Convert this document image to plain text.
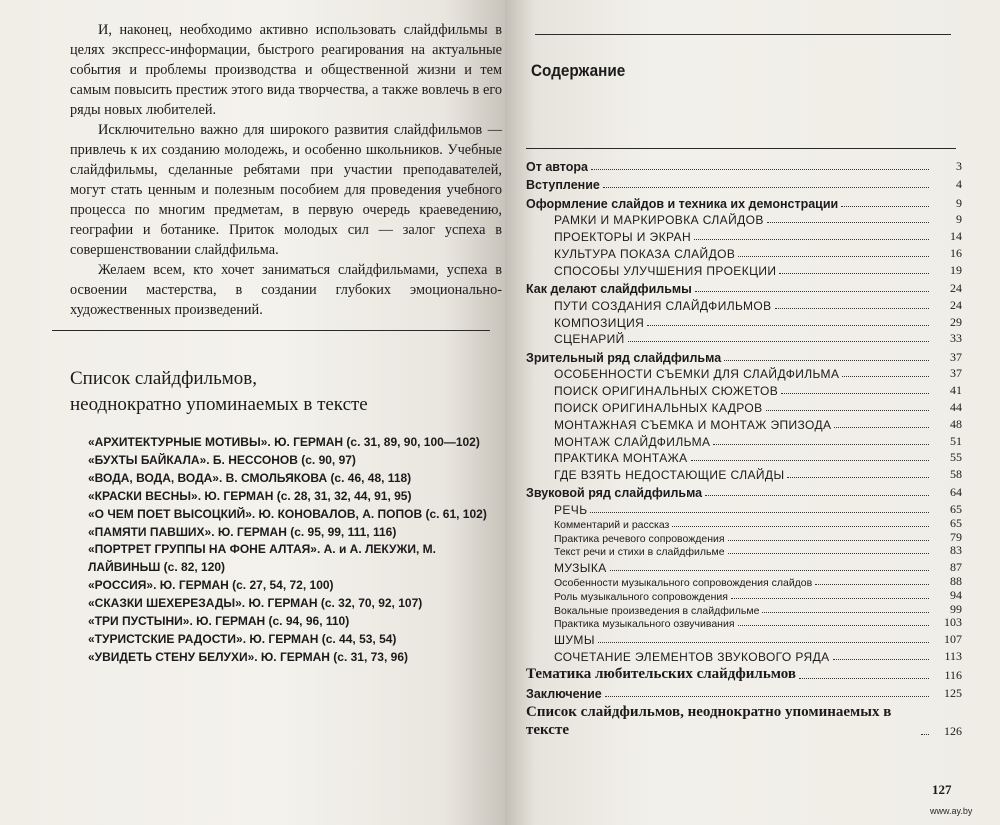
И, наконец, необходимо активно использовать слайдфильмы в целях экспресс-информации, быстрого реагирования на актуальные события и проблемы производства и общественной жизни и тем самым повысить престиж этого вида творчества, а также вовлечь в его ряды новых любителей.

Исключительно важно для широкого развития слайдфильмов — привлечь к их созданию молодежь, и особенно школьников. Учебные слайдфильмы, сделанные ребятами при участии преподавателей, могут стать ценным и полезным пособием для проведения учебного процесса по многим предметам, в первую очередь краеведению, географии и ботанике. Приток молодых сил — залог успеха в совершенствовании слайдфильма.

Желаем всем, кто хочет заниматься слайдфильмами, успеха в освоении мастерства, в создании глубоких эмоционально-художественных произведений.

Список слайдфильмов,
неоднократно упоминаемых в тексте
«АРХИТЕКТУРНЫЕ МОТИВЫ». Ю. ГЕРМАН (с. 31, 89, 90, 100—102)
«БУХТЫ БАЙКАЛА». Б. НЕССОНОВ (с. 90, 97)
«ВОДА, ВОДА, ВОДА». В. СМОЛЬЯКОВА (с. 46, 48, 118)
«КРАСКИ ВЕСНЫ». Ю. ГЕРМАН (с. 28, 31, 32, 44, 91, 95)
«О ЧЕМ ПОЕТ ВЫСОЦКИЙ». Ю. КОНОВАЛОВ, А. ПОПОВ (с. 61, 102)
«ПАМЯТИ ПАВШИХ». Ю. ГЕРМАН (с. 95, 99, 111, 116)
«ПОРТРЕТ ГРУППЫ НА ФОНЕ АЛТАЯ». А. и А. ЛЕКУЖИ, М. ЛАЙВИНЬШ (с. 82, 120)
«РОССИЯ». Ю. ГЕРМАН (с. 27, 54, 72, 100)
«СКАЗКИ ШЕХЕРЕЗАДЫ». Ю. ГЕРМАН (с. 32, 70, 92, 107)
«ТРИ ПУСТЫНИ». Ю. ГЕРМАН (с. 94, 96, 110)
«ТУРИСТСКИЕ РАДОСТИ». Ю. ГЕРМАН (с. 44, 53, 54)
«УВИДЕТЬ СТЕНУ БЕЛУХИ». Ю. ГЕРМАН (с. 31, 73, 96)
Содержание
От автора	3
Вступление	4
Оформление слайдов и техника их демонстрации	9
РАМКИ И МАРКИРОВКА СЛАЙДОВ	9
ПРОЕКТОРЫ И ЭКРАН	14
КУЛЬТУРА ПОКАЗА СЛАЙДОВ	16
СПОСОБЫ УЛУЧШЕНИЯ ПРОЕКЦИИ	19
Как делают слайдфильмы	24
ПУТИ СОЗДАНИЯ СЛАЙДФИЛЬМОВ	24
КОМПОЗИЦИЯ	29
СЦЕНАРИЙ	33
Зрительный ряд слайдфильма	37
ОСОБЕННОСТИ СЪЕМКИ ДЛЯ СЛАЙДФИЛЬМА	37
ПОИСК ОРИГИНАЛЬНЫХ СЮЖЕТОВ	41
ПОИСК ОРИГИНАЛЬНЫХ КАДРОВ	44
МОНТАЖНАЯ СЪЕМКА И МОНТАЖ ЭПИЗОДА	48
МОНТАЖ СЛАЙДФИЛЬМА	51
ПРАКТИКА МОНТАЖА	55
ГДЕ ВЗЯТЬ НЕДОСТАЮЩИЕ СЛАЙДЫ	58
Звуковой ряд слайдфильма	64
РЕЧЬ	65
Комментарий и рассказ	65
Практика речевого сопровождения	79
Текст речи и стихи в слайдфильме	83
МУЗЫКА	87
Особенности музыкального сопровождения слайдов	88
Роль музыкального сопровождения	94
Вокальные произведения в слайдфильме	99
Практика музыкального озвучивания	103
ШУМЫ	107
СОЧЕТАНИЕ ЭЛЕМЕНТОВ ЗВУКОВОГО РЯДА	113
Тематика любительских слайдфильмов	116
Заключение	125
Список слайдфильмов, неоднократно упоминаемых в тексте	126
127
www.ay.by
